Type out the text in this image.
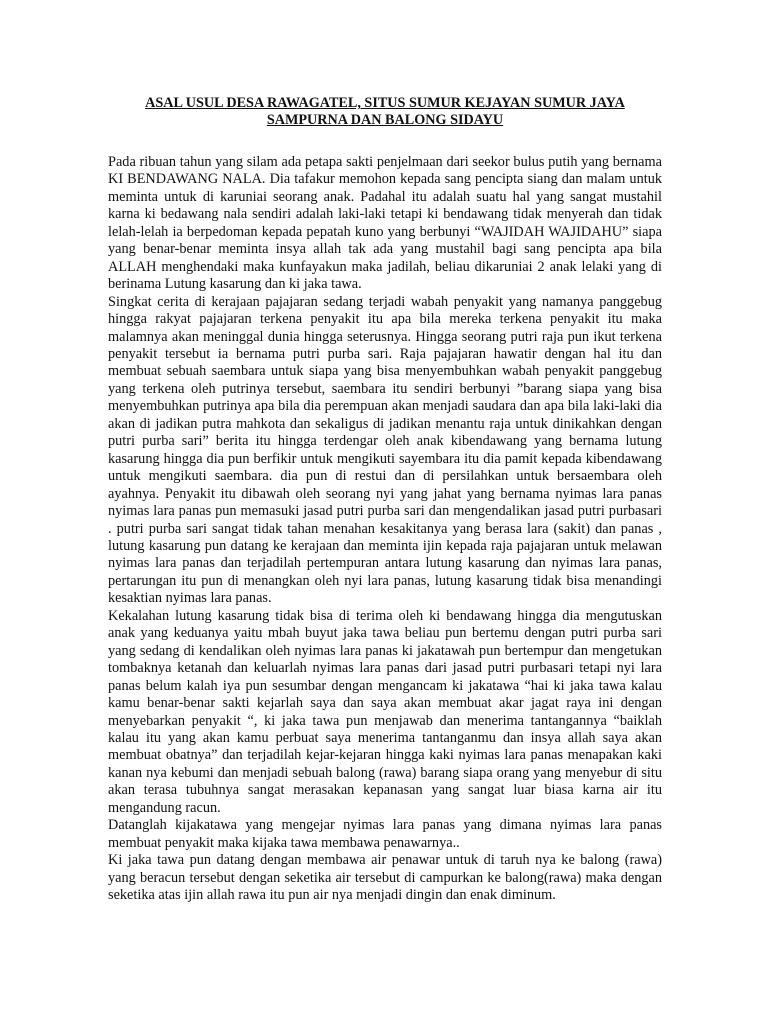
ASAL USUL DESA RAWAGATEL, SITUS SUMUR KEJAYAN SUMUR JAYA
SAMPURNA DAN BALONG SIDAYU

Pada ribuan tahun yang silam ada petapa sakti penjelmaan dari seekor bulus putih yang bernama KI BENDAWANG NALA. Dia tafakur memohon kepada sang pencipta siang dan malam untuk meminta untuk di karuniai seorang anak. Padahal itu adalah suatu hal yang sangat mustahil karna ki bedawang nala sendiri adalah laki-laki tetapi ki bendawang tidak menyerah dan tidak lelah-lelah ia berpedoman kepada pepatah kuno yang berbunyi “WAJIDAH WAJIDAHU” siapa yang benar-benar meminta insya allah tak ada yang mustahil bagi sang pencipta apa bila ALLAH menghendaki maka kunfayakun maka jadilah, beliau dikaruniai 2 anak lelaki yang di berinama Lutung kasarung dan ki jaka tawa.

Singkat cerita di kerajaan pajajaran sedang terjadi wabah penyakit yang namanya panggebug hingga rakyat pajajaran terkena penyakit itu apa bila mereka terkena penyakit itu maka malamnya akan meninggal dunia hingga seterusnya. Hingga seorang putri raja pun ikut terkena penyakit tersebut ia bernama putri purba sari. Raja pajajaran hawatir dengan hal itu dan membuat sebuah saembara untuk siapa yang bisa menyembuhkan wabah penyakit panggebug yang terkena oleh putrinya tersebut, saembara itu sendiri berbunyi ”barang siapa yang bisa menyembuhkan putrinya apa bila dia perempuan akan menjadi saudara dan apa bila laki-laki dia akan di jadikan putra mahkota dan sekaligus di jadikan menantu raja untuk dinikahkan dengan putri purba sari” berita itu hingga terdengar oleh anak kibendawang yang bernama lutung kasarung hingga dia pun berfikir untuk mengikuti sayembara itu dia pamit kepada kibendawang untuk mengikuti saembara. dia pun di restui dan di persilahkan untuk bersaembara oleh ayahnya. Penyakit itu dibawah oleh seorang nyi yang jahat yang bernama nyimas lara panas nyimas lara panas pun memasuki jasad putri purba sari dan mengendalikan jasad putri purbasari . putri purba sari sangat tidak tahan menahan kesakitanya yang berasa lara (sakit) dan panas , lutung kasarung pun datang ke kerajaan dan meminta ijin kepada raja pajajaran untuk melawan nyimas lara panas dan terjadilah pertempuran antara lutung kasarung dan nyimas lara panas, pertarungan itu pun di menangkan oleh nyi lara panas, lutung kasarung tidak bisa menandingi kesaktian nyimas lara panas.

Kekalahan lutung kasarung tidak bisa di terima oleh ki bendawang hingga dia mengutuskan anak yang keduanya yaitu mbah buyut jaka tawa beliau pun bertemu dengan putri purba sari yang sedang di kendalikan oleh nyimas lara panas ki jakatawah pun bertempur dan mengetukan tombaknya ketanah dan keluarlah nyimas lara panas dari jasad putri purbasari tetapi nyi lara panas belum kalah iya pun sesumbar dengan mengancam ki jakatawa “hai ki jaka tawa kalau kamu benar-benar sakti kejarlah saya dan saya akan membuat akar jagat raya ini dengan menyebarkan penyakit “, ki jaka tawa pun menjawab dan menerima tantangannya “baiklah kalau itu yang akan kamu perbuat saya menerima tantanganmu dan insya allah saya akan membuat obatnya” dan terjadilah kejar-kejaran hingga kaki nyimas lara panas menapakan kaki kanan nya kebumi dan menjadi sebuah balong (rawa) barang siapa orang yang menyebur di situ akan terasa tubuhnya sangat merasakan kepanasan yang sangat luar biasa karna air itu mengandung racun.

Datanglah kijakatawa yang mengejar nyimas lara panas yang dimana nyimas lara panas membuat penyakit maka kijaka tawa membawa penawarnya..

Ki jaka tawa pun datang dengan membawa air penawar untuk di taruh nya ke balong (rawa) yang beracun tersebut dengan seketika air tersebut di campurkan ke balong(rawa) maka dengan seketika atas ijin allah rawa itu pun air nya menjadi dingin dan enak diminum.
